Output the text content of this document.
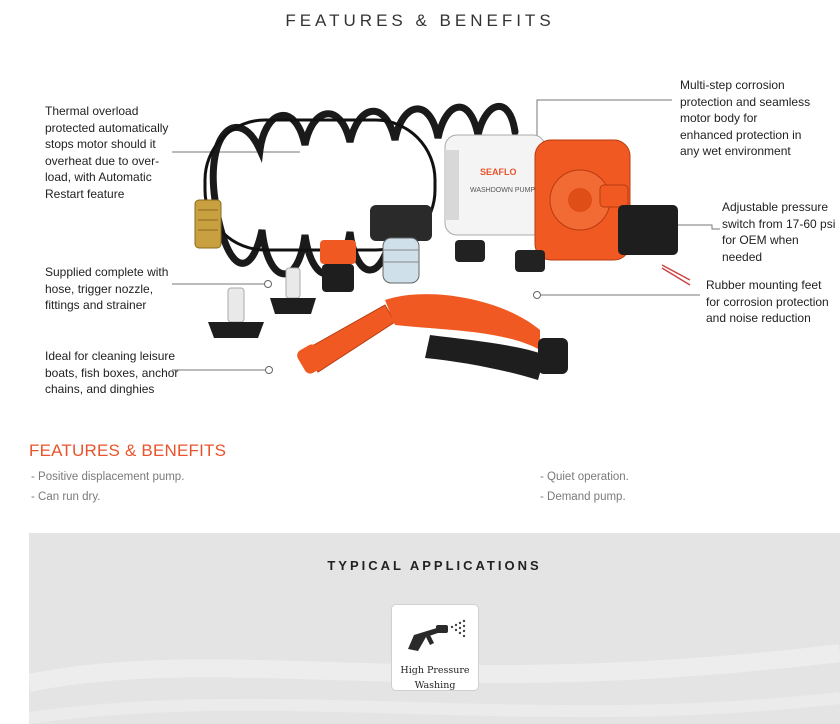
FEATURES & BENEFITS
SEAFLO
WASHDOWN PUMP
Thermal overload
protected automatically
stops motor should it
overheat due to over-
load, with Automatic
Restart feature
Supplied complete with
hose, trigger nozzle,
fittings and strainer
Ideal for cleaning leisure
boats, fish boxes, anchor
chains, and dinghies
Multi-step corrosion
protection and seamless
motor body for
enhanced protection in
any wet environment
Adjustable pressure
switch from 17-60 psi
for OEM when
needed
Rubber mounting feet
for corrosion protection
and noise reduction
FEATURES & BENEFITS
- Positive displacement pump.
- Can run dry.
- Quiet operation.
- Demand pump.
TYPICAL APPLICATIONS
High Pressure
Washing
